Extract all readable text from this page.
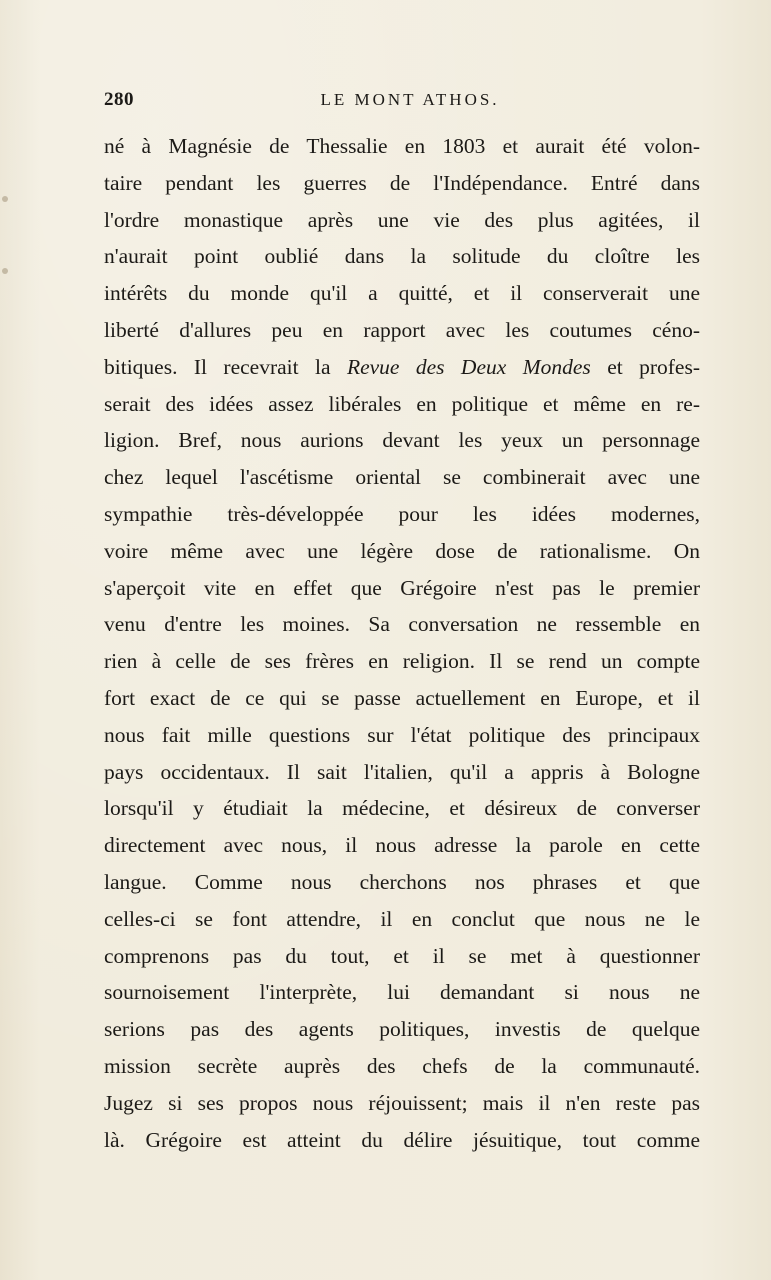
280	LE MONT ATHOS.
né à Magnésie de Thessalie en 1803 et aurait été volon-
taire pendant les guerres de l'Indépendance. Entré dans
l'ordre monastique après une vie des plus agitées, il
n'aurait point oublié dans la solitude du cloître les
intérêts du monde qu'il a quitté, et il conserverait une
liberté d'allures peu en rapport avec les coutumes céno-
bitiques. Il recevrait la Revue des Deux Mondes et profes-
serait des idées assez libérales en politique et même en re-
ligion. Bref, nous aurions devant les yeux un personnage
chez lequel l'ascétisme oriental se combinerait avec une
sympathie très-développée pour les idées modernes,
voire même avec une légère dose de rationalisme. On
s'aperçoit vite en effet que Grégoire n'est pas le premier
venu d'entre les moines. Sa conversation ne ressemble en
rien à celle de ses frères en religion. Il se rend un compte
fort exact de ce qui se passe actuellement en Europe, et il
nous fait mille questions sur l'état politique des principaux
pays occidentaux. Il sait l'italien, qu'il a appris à Bologne
lorsqu'il y étudiait la médecine, et désireux de converser
directement avec nous, il nous adresse la parole en cette
langue. Comme nous cherchons nos phrases et que
celles-ci se font attendre, il en conclut que nous ne le
comprenons pas du tout, et il se met à questionner
sournoisement l'interprète, lui demandant si nous ne
serions pas des agents politiques, investis de quelque
mission secrète auprès des chefs de la communauté.
Jugez si ses propos nous réjouissent; mais il n'en reste pas
là. Grégoire est atteint du délire jésuitique, tout comme
